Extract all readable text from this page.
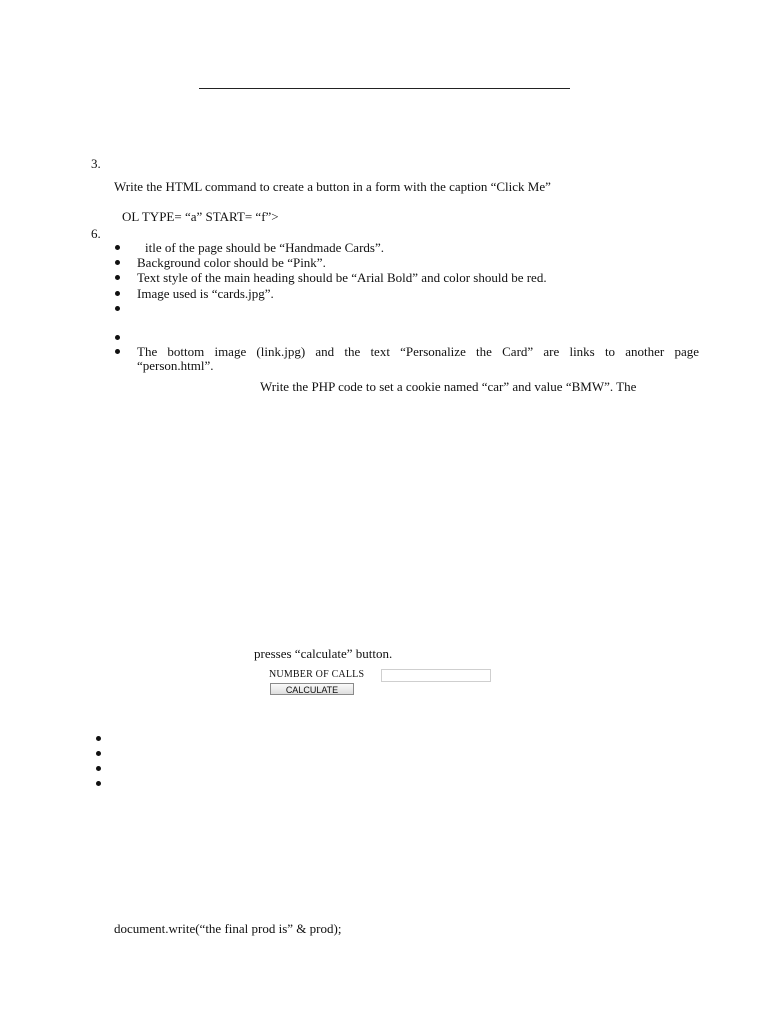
3.
Write the HTML command to create a button in a form with the caption “Click Me”
OL TYPE= “a” START= “f”>
6.
itle of the page should be “Handmade Cards”.
Background color should be “Pink”.
Text style of the main heading should be “Arial Bold” and color should be red.
Image used is “cards.jpg”.
The bottom image (link.jpg) and the text “Personalize the Card” are links to another page
“person.html”.
Write the PHP code to set a cookie named “car” and value “BMW”. The
presses “calculate” button.
NUMBER OF CALLS
CALCULATE
document.write(“the final prod is” & prod);
